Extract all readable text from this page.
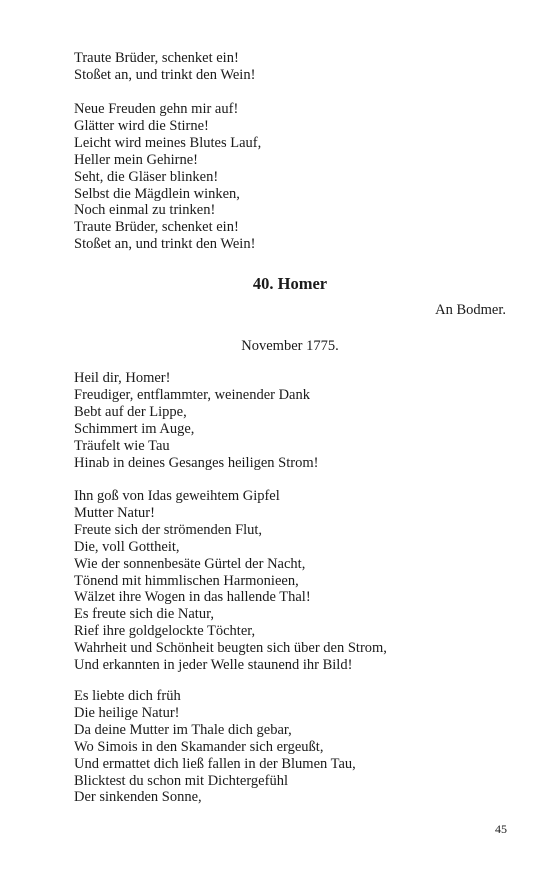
Traute Brüder, schenket ein!
Stoßet an, und trinkt den Wein!
Neue Freuden gehn mir auf!
Glätter wird die Stirne!
Leicht wird meines Blutes Lauf,
Heller mein Gehirne!
Seht, die Gläser blinken!
Selbst die Mägdlein winken,
Noch einmal zu trinken!
Traute Brüder, schenket ein!
Stoßet an, und trinkt den Wein!
40. Homer
An Bodmer.
November 1775.
Heil dir, Homer!
Freudiger, entflammter, weinender Dank
Bebt auf der Lippe,
Schimmert im Auge,
Träufelt wie Tau
Hinab in deines Gesanges heiligen Strom!
Ihn goß von Idas geweihtem Gipfel
Mutter Natur!
Freute sich der strömenden Flut,
Die, voll Gottheit,
Wie der sonnenbesäte Gürtel der Nacht,
Tönend mit himmlischen Harmonieen,
Wälzet ihre Wogen in das hallende Thal!
Es freute sich die Natur,
Rief ihre goldgelockte Töchter,
Wahrheit und Schönheit beugten sich über den Strom,
Und erkannten in jeder Welle staunend ihr Bild!
Es liebte dich früh
Die heilige Natur!
Da deine Mutter im Thale dich gebar,
Wo Simois in den Skamander sich ergeußt,
Und ermattet dich ließ fallen in der Blumen Tau,
Blicktest du schon mit Dichtergefühl
Der sinkenden Sonne,
45
